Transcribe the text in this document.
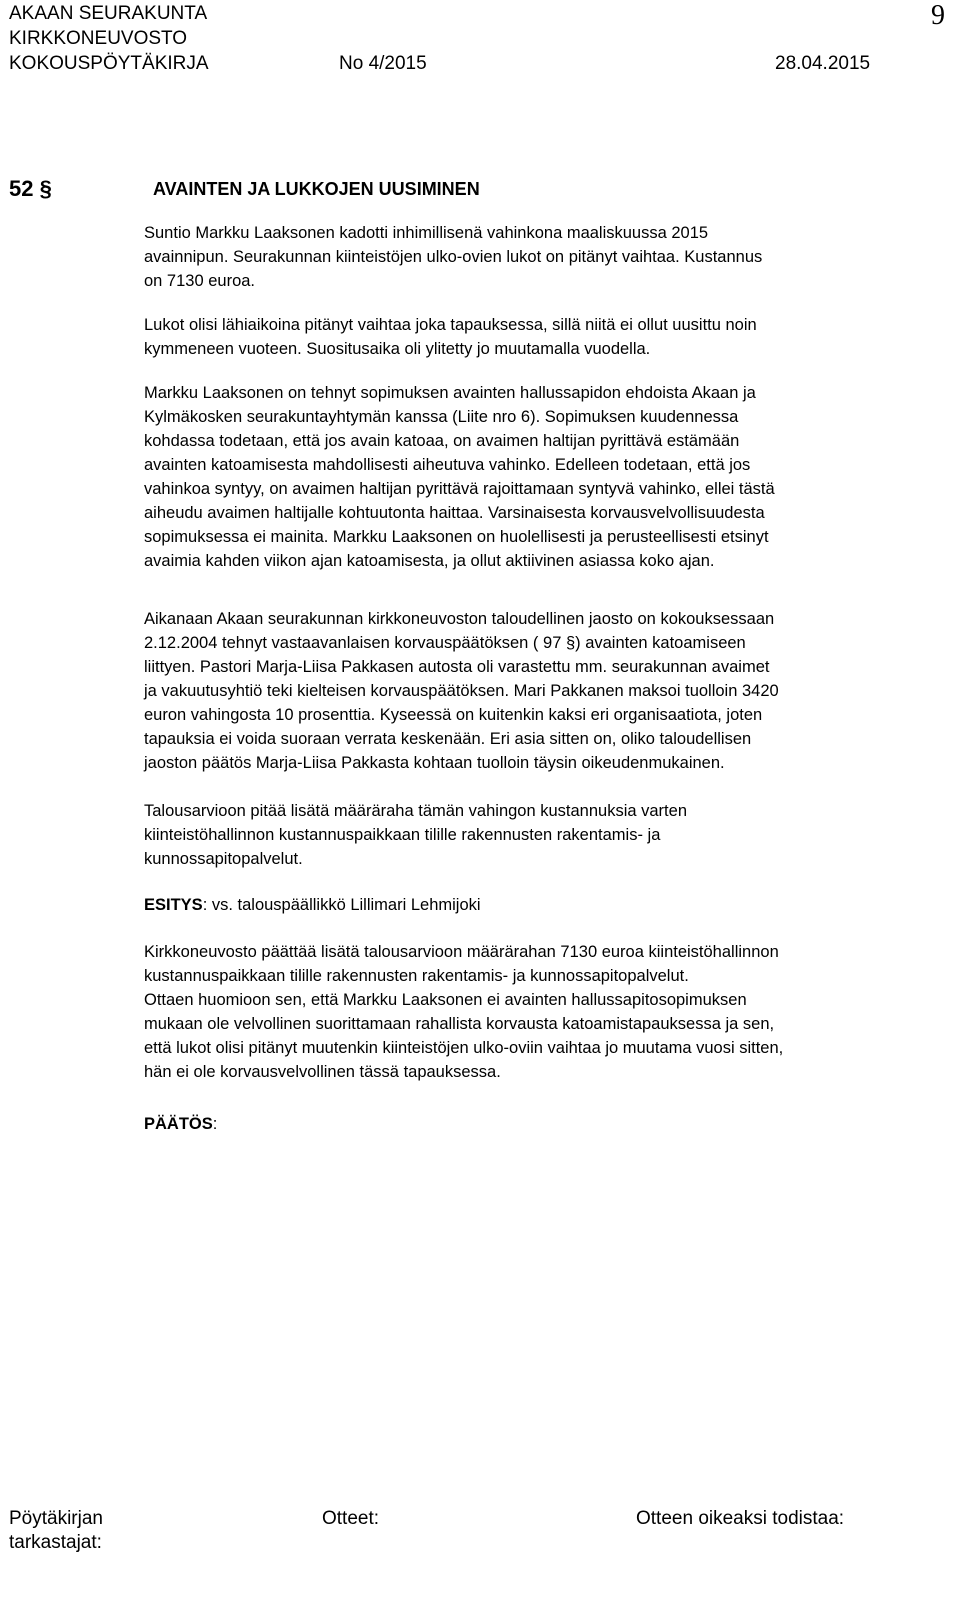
AKAAN SEURAKUNTA
KIRKKONEUVOSTO
KOKOUSPÖYTÄKIRJA	No 4/2015	28.04.2015
9
52 §	AVAINTEN JA LUKKOJEN UUSIMINEN
Suntio Markku Laaksonen kadotti inhimillisenä vahinkona maaliskuussa 2015
avainnipun. Seurakunnan kiinteistöjen ulko-ovien lukot on pitänyt vaihtaa. Kustannus
on 7130 euroa.
Lukot olisi lähiaikoina pitänyt vaihtaa joka tapauksessa, sillä niitä ei ollut uusittu noin
kymmeneen vuoteen. Suositusaika oli ylitetty jo muutamalla vuodella.
Markku Laaksonen on tehnyt sopimuksen avainten hallussapidon ehdoista Akaan ja
Kylmäkosken seurakuntayhtymän kanssa (Liite nro 6). Sopimuksen kuudennessa
kohdassa todetaan, että jos avain katoaa, on avaimen haltijan pyrittävä estämään
avainten katoamisesta mahdollisesti aiheutuva vahinko. Edelleen todetaan, että jos
vahinkoa syntyy, on avaimen haltijan pyrittävä rajoittamaan syntyvä vahinko, ellei tästä
aiheudu avaimen haltijalle kohtuutonta haittaa. Varsinaisesta korvausvelvollisuudesta
sopimuksessa ei mainita. Markku Laaksonen on huolellisesti ja perusteellisesti etsinyt
avaimia kahden viikon ajan katoamisesta, ja ollut aktiivinen asiassa koko ajan.
Aikanaan Akaan seurakunnan kirkkoneuvoston taloudellinen jaosto on kokouksessaan
2.12.2004 tehnyt vastaavanlaisen korvauspäätöksen ( 97 §) avainten katoamiseen
liittyen. Pastori Marja-Liisa Pakkasen autosta oli varastettu mm. seurakunnan avaimet
ja vakuutusyhtiö teki kielteisen korvauspäätöksen. Mari Pakkanen maksoi tuolloin 3420
euron vahingosta 10 prosenttia. Kyseessä on kuitenkin kaksi eri organisaatiota, joten
tapauksia ei voida suoraan verrata keskenään. Eri asia sitten on, oliko taloudellisen
jaoston päätös Marja-Liisa Pakkasta kohtaan tuolloin täysin oikeudenmukainen.
Talousarvioon pitää lisätä määräraha tämän vahingon kustannuksia varten
kiinteistöhallinnon kustannuspaikkaan tilille rakennusten rakentamis- ja
kunnossapitopalvelut.
ESITYS: vs. talouspäällikkö Lillimari Lehmijoki
Kirkkoneuvosto päättää lisätä talousarvioon määrärahan 7130 euroa kiinteistöhallinnon
kustannuspaikkaan tilille rakennusten rakentamis- ja kunnossapitopalvelut.
Ottaen huomioon sen, että Markku Laaksonen ei avainten hallussapitosopimuksen
mukaan ole velvollinen suorittamaan rahallista korvausta katoamistapauksessa ja sen,
että lukot olisi pitänyt muutenkin kiinteistöjen ulko-oviin vaihtaa jo muutama vuosi sitten,
hän ei ole korvausvelvollinen tässä tapauksessa.
PÄÄTÖS:
Pöytäkirjan
tarkastajat:
Otteet:	Otteen oikeaksi todistaa:
